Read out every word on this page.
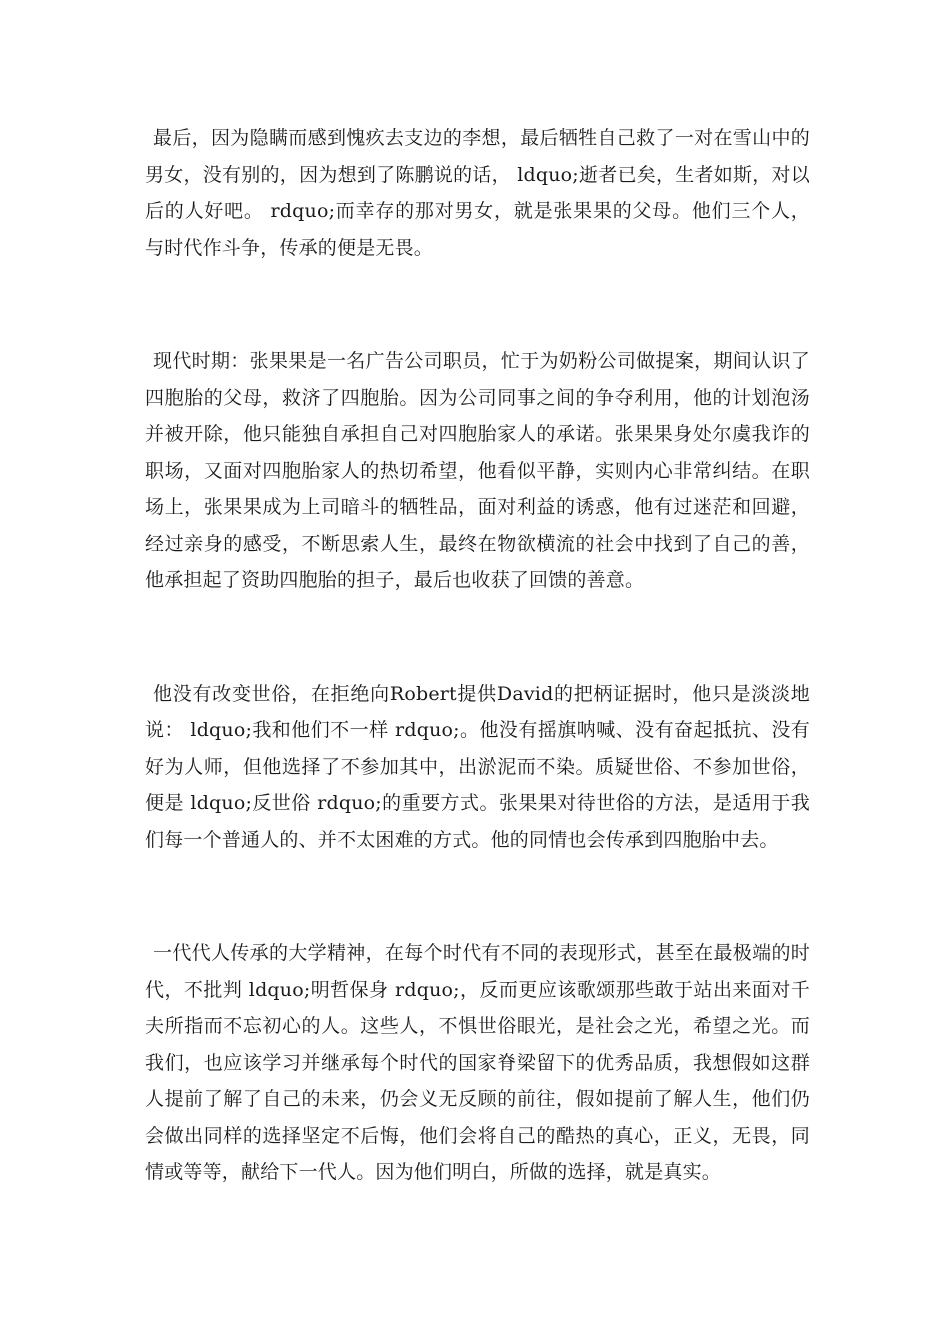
最后，因为隐瞒而感到愧疚去支边的李想，最后牺牲自己救了一对在雪山中的男女，没有别的，因为想到了陈鹏说的话， ldquo;逝者已矣，生者如斯，对以后的人好吧。 rdquo;而幸存的那对男女，就是张果果的父母。他们三个人，与时代作斗争，传承的便是无畏。

现代时期：张果果是一名广告公司职员，忙于为奶粉公司做提案，期间认识了四胞胎的父母，救济了四胞胎。因为公司同事之间的争夺利用，他的计划泡汤并被开除，他只能独自承担自己对四胞胎家人的承诺。张果果身处尔虞我诈的职场，又面对四胞胎家人的热切希望，他看似平静，实则内心非常纠结。在职场上，张果果成为上司暗斗的牺牲品，面对利益的诱惑，他有过迷茫和回避，经过亲身的感受，不断思索人生，最终在物欲横流的社会中找到了自己的善，他承担起了资助四胞胎的担子，最后也收获了回馈的善意。

他没有改变世俗，在拒绝向Robert提供David的把柄证据时，他只是淡淡地说： ldquo;我和他们不一样 rdquo;。他没有摇旗呐喊、没有奋起抵抗、没有好为人师，但他选择了不参加其中，出淤泥而不染。质疑世俗、不参加世俗，便是 ldquo;反世俗 rdquo;的重要方式。张果果对待世俗的方法，是适用于我们每一个普通人的、并不太困难的方式。他的同情也会传承到四胞胎中去。

一代代人传承的大学精神，在每个时代有不同的表现形式，甚至在最极端的时代，不批判 ldquo;明哲保身 rdquo;，反而更应该歌颂那些敢于站出来面对千夫所指而不忘初心的人。这些人，不惧世俗眼光，是社会之光，希望之光。而我们，也应该学习并继承每个时代的国家脊梁留下的优秀品质，我想假如这群人提前了解了自己的未来，仍会义无反顾的前往，假如提前了解人生，他们仍会做出同样的选择坚定不后悔，他们会将自己的酷热的真心，正义，无畏，同情或等等，献给下一代人。因为他们明白，所做的选择，就是真实。
